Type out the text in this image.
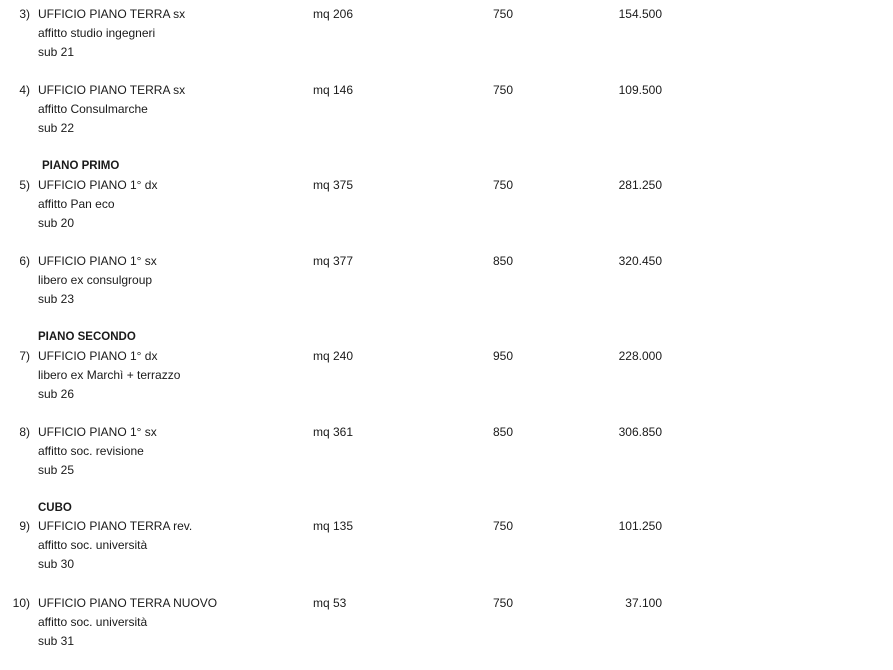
PIANO PRIMO
PIANO SECONDO
CUBO
3) UFFICIO PIANO TERRA sx
affitto studio ingegneri
sub 21
mq 206	750	154.500
4) UFFICIO PIANO TERRA sx
affitto Consulmarche
sub 22
mq 146	750	109.500
5) UFFICIO PIANO 1° dx
affitto Pan eco
sub 20
mq 375	750	281.250
6) UFFICIO PIANO 1° sx
libero ex consulgroup
sub 23
mq 377	850	320.450
7) UFFICIO PIANO 1° dx
libero ex Marchì + terrazzo
sub 26
mq 240	950	228.000
8) UFFICIO PIANO 1° sx
affitto soc. revisione
sub 25
mq 361	850	306.850
9) UFFICIO PIANO TERRA rev.
affitto soc. università
sub 30
mq 135	750	101.250
10) UFFICIO PIANO TERRA NUOVO
affitto soc. università
sub 31
mq 53	750	37.100
